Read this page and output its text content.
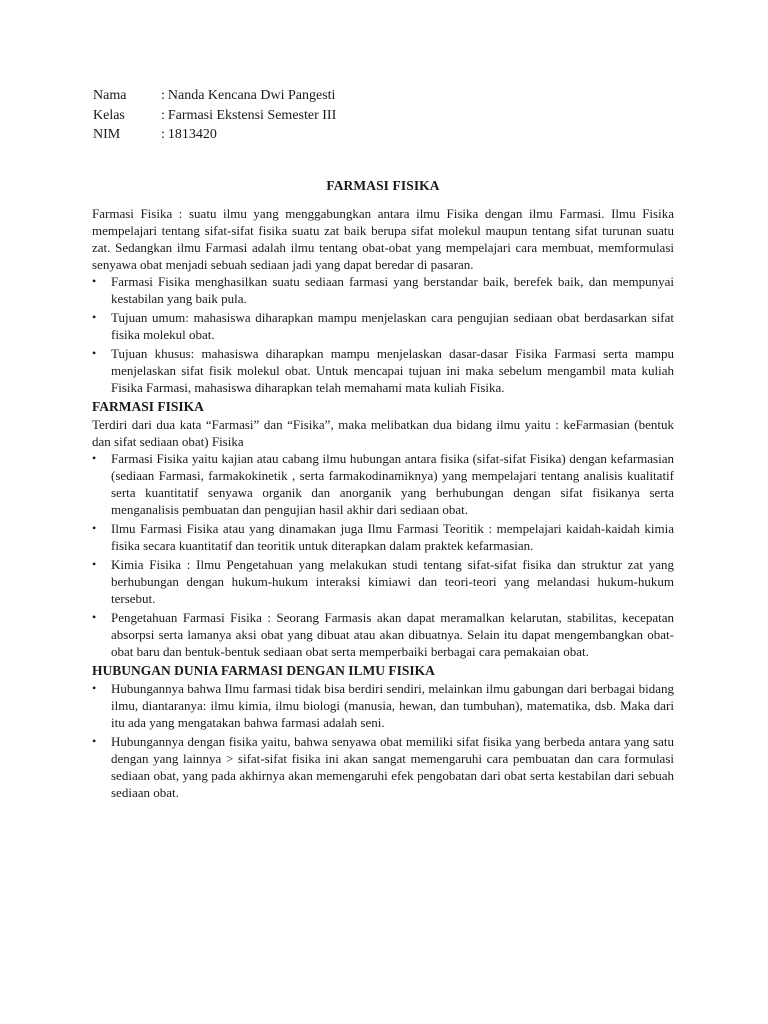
Nama	: Nanda Kencana Dwi Pangesti
Kelas	: Farmasi Ekstensi Semester III
NIM	: 1813420
FARMASI FISIKA

Farmasi Fisika : suatu ilmu yang menggabungkan antara ilmu Fisika dengan ilmu Farmasi. Ilmu Fisika mempelajari tentang sifat-sifat fisika suatu zat baik berupa sifat molekul maupun tentang sifat turunan suatu zat. Sedangkan ilmu Farmasi adalah ilmu tentang obat-obat yang mempelajari cara membuat, memformulasi senyawa obat menjadi sebuah sediaan jadi yang dapat beredar di pasaran.

• Farmasi Fisika menghasilkan suatu sediaan farmasi yang berstandar baik, berefek baik, dan mempunyai kestabilan yang baik pula.
• Tujuan umum: mahasiswa diharapkan mampu menjelaskan cara pengujian sediaan obat berdasarkan sifat fisika molekul obat.
• Tujuan khusus: mahasiswa diharapkan mampu menjelaskan dasar-dasar Fisika Farmasi serta mampu menjelaskan sifat fisik molekul obat. Untuk mencapai tujuan ini maka sebelum mengambil mata kuliah Fisika Farmasi, mahasiswa diharapkan telah memahami mata kuliah Fisika.
FARMASI FISIKA

Terdiri dari dua kata “Farmasi” dan “Fisika”, maka melibatkan dua bidang ilmu yaitu : keFarmasian (bentuk dan sifat sediaan obat) Fisika

• Farmasi Fisika yaitu kajian atau cabang ilmu hubungan antara fisika (sifat-sifat Fisika) dengan kefarmasian (sediaan Farmasi, farmakokinetik , serta farmakodinamiknya) yang mempelajari tentang analisis kualitatif serta kuantitatif senyawa organik dan anorganik yang berhubungan dengan sifat fisikanya serta menganalisis pembuatan dan pengujian hasil akhir dari sediaan obat.
• Ilmu Farmasi Fisika atau yang dinamakan juga Ilmu Farmasi Teoritik : mempelajari kaidah-kaidah kimia fisika secara kuantitatif dan teoritik untuk diterapkan dalam praktek kefarmasian.
• Kimia Fisika : Ilmu Pengetahuan yang melakukan studi tentang sifat-sifat fisika dan struktur zat yang berhubungan dengan hukum-hukum interaksi kimiawi dan teori-teori yang melandasi hukum-hukum tersebut.
• Pengetahuan Farmasi Fisika : Seorang Farmasis akan dapat meramalkan kelarutan, stabilitas, kecepatan absorpsi serta lamanya aksi obat yang dibuat atau akan dibuatnya. Selain itu dapat mengembangkan obat-obat baru dan bentuk-bentuk sediaan obat serta memperbaiki berbagai cara pemakaian obat.
HUBUNGAN DUNIA FARMASI DENGAN ILMU FISIKA
• Hubungannya bahwa Ilmu farmasi tidak bisa berdiri sendiri, melainkan ilmu gabungan dari berbagai bidang ilmu, diantaranya: ilmu kimia, ilmu biologi (manusia, hewan, dan tumbuhan), matematika, dsb. Maka dari itu ada yang mengatakan bahwa farmasi adalah seni.
• Hubungannya dengan fisika yaitu, bahwa senyawa obat memiliki sifat fisika yang berbeda antara yang satu dengan yang lainnya > sifat-sifat fisika ini akan sangat memengaruhi cara pembuatan dan cara formulasi sediaan obat, yang pada akhirnya akan memengaruhi efek pengobatan dari obat serta kestabilan dari sebuah sediaan obat.
